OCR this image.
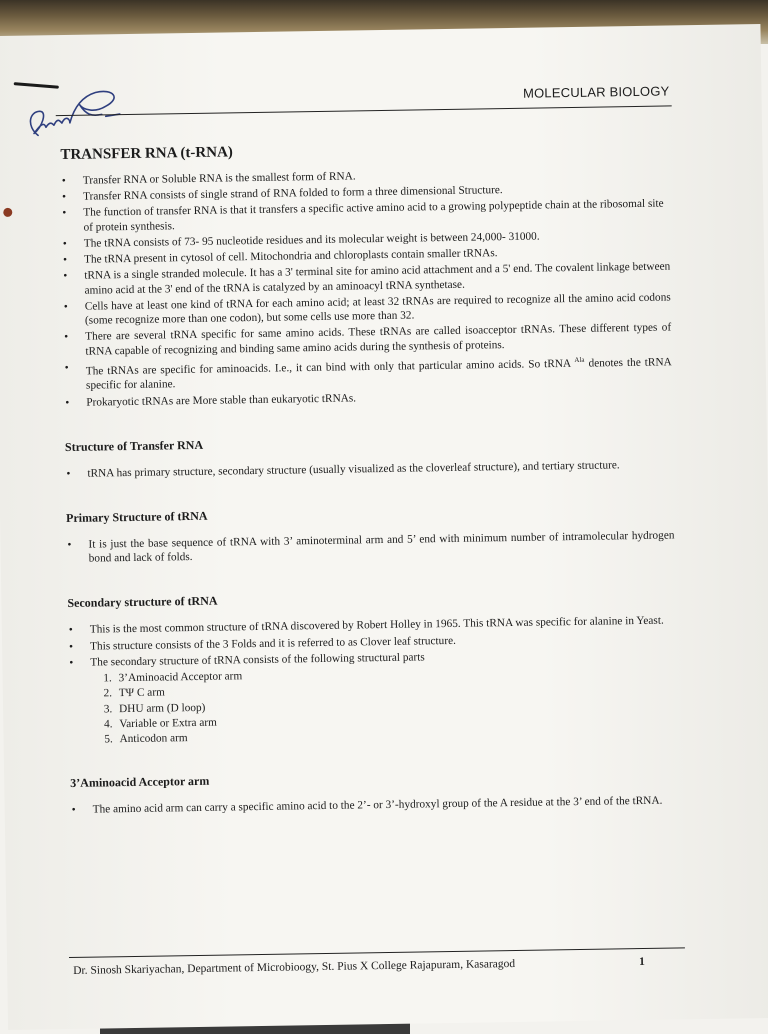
MOLECULAR BIOLOGY
TRANSFER RNA (t-RNA)
• Transfer RNA or Soluble RNA is the smallest form of RNA.
• Transfer RNA consists of single strand of RNA folded to form a three dimensional Structure.
• The function of transfer RNA is that it transfers a specific active amino acid to a growing polypeptide chain at the ribosomal site of protein synthesis.
• The tRNA consists of 73- 95 nucleotide residues and its molecular weight is between 24,000- 31000.
• The tRNA present in cytosol of cell. Mitochondria and chloroplasts contain smaller tRNAs.
• tRNA is a single stranded molecule. It has a 3' terminal site for amino acid attachment and a 5' end. The covalent linkage between amino acid at the 3' end of the tRNA is catalyzed by an aminoacyl tRNA synthetase.
• Cells have at least one kind of tRNA for each amino acid; at least 32 tRNAs are required to recognize all the amino acid codons (some recognize more than one codon), but some cells use more than 32.
• There are several tRNA specific for same amino acids. These tRNAs are called isoacceptor tRNAs. These different types of tRNA capable of recognizing and binding same amino acids during the synthesis of proteins.
• The tRNAs are specific for aminoacids. I.e., it can bind with only that particular amino acids. So tRNA $^{Ala}$ denotes the tRNA specific for alanine.
• Prokaryotic tRNAs are More stable than eukaryotic tRNAs.
Structure of Transfer RNA
• tRNA has primary structure, secondary structure (usually visualized as the cloverleaf structure), and tertiary structure.
Primary Structure of tRNA
• It is just the base sequence of tRNA with 3’ aminoterminal arm and 5’ end with minimum number of intramolecular hydrogen bond and lack of folds.
Secondary structure of tRNA
• This is the most common structure of tRNA discovered by Robert Holley in 1965. This tRNA was specific for alanine in Yeast.
• This structure consists of the 3 Folds and it is referred to as Clover leaf structure.
• The secondary structure of tRNA consists of the following structural parts
1. 3’Aminoacid Acceptor arm
2. TΨ C arm
3. DHU arm (D loop)
4. Variable or Extra arm
5. Anticodon arm
3’Aminoacid Acceptor arm
• The amino acid arm can carry a specific amino acid to the 2’- or 3’-hydroxyl group of the A residue at the 3’ end of the tRNA.
Dr. Sinosh Skariyachan, Department of Microbioogy, St. Pius X College Rajapuram, Kasaragod	1
